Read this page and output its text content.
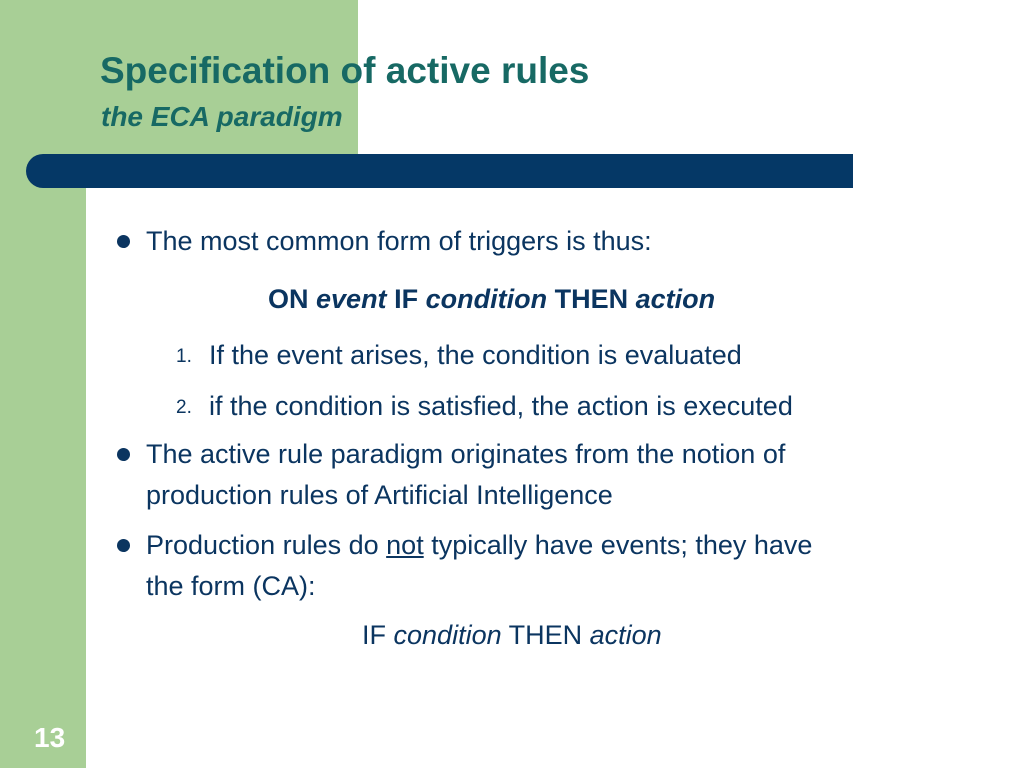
Specification of active rules
the ECA paradigm
The most common form of triggers is thus:
ON event IF condition THEN action
1. If the event arises, the condition is evaluated
2. if the condition is satisfied, the action is executed
The active rule paradigm originates from the notion of
production rules of Artificial Intelligence
Production rules do not typically have events; they have
the form (CA):
IF condition THEN action
13
